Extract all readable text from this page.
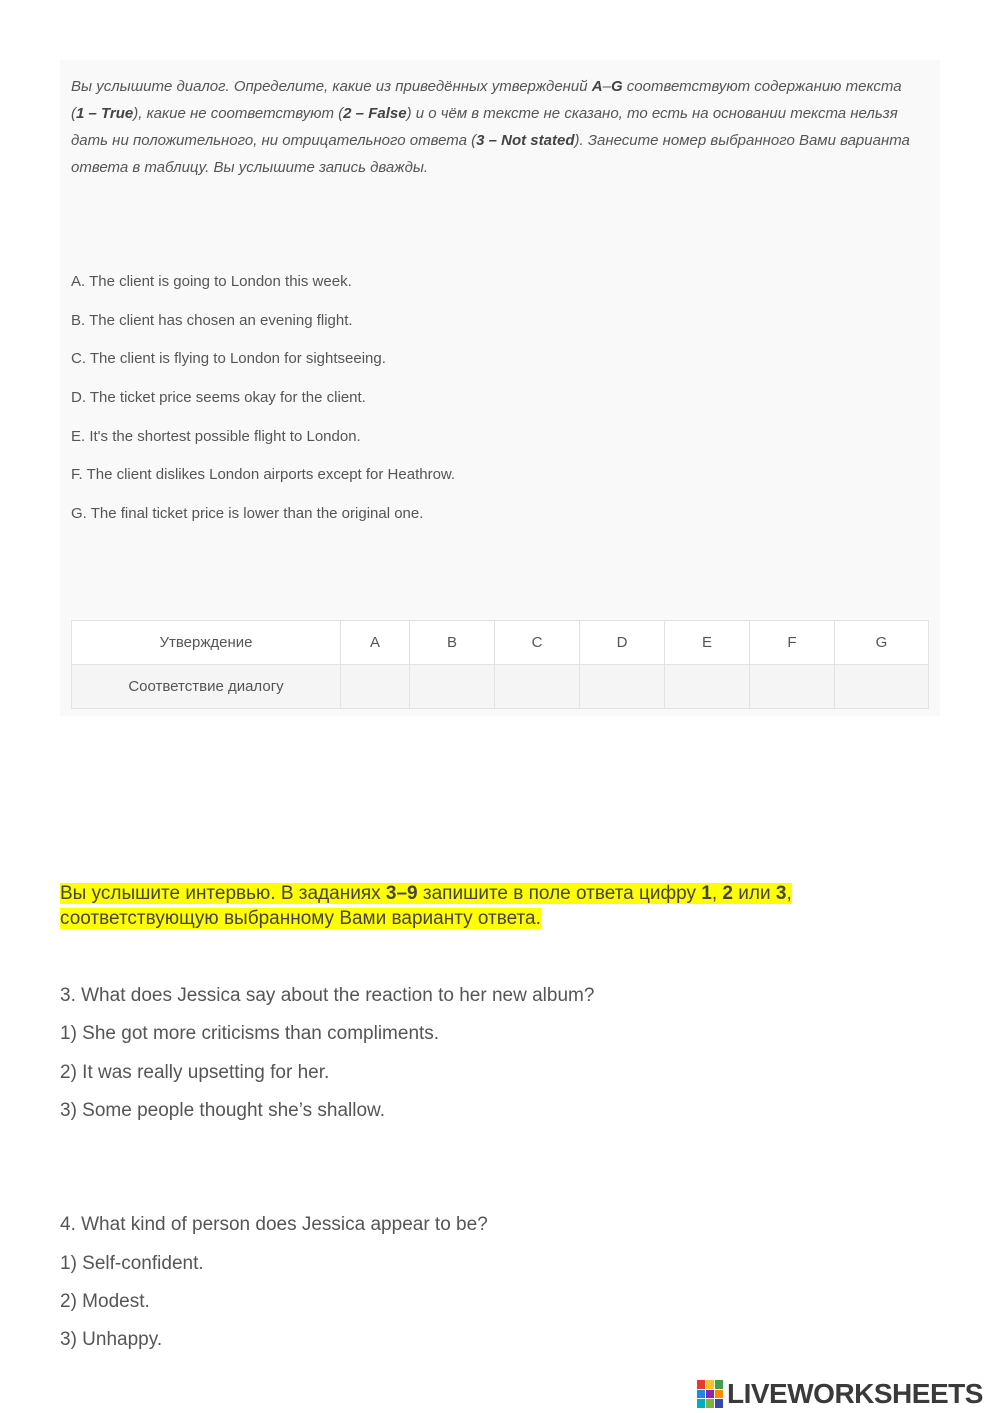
Вы услышите диалог. Определите, какие из приведённых утверждений A–G соответствуют содержанию текста (1 – True), какие не соответствуют (2 – False) и о чём в тексте не сказано, то есть на основании текста нельзя дать ни положительного, ни отрицательного ответа (3 – Not stated). Занесите номер выбранного Вами варианта ответа в таблицу. Вы услышите запись дважды.
A. The client is going to London this week.
B. The client has chosen an evening flight.
C. The client is flying to London for sightseeing.
D. The ticket price seems okay for the client.
E. It's the shortest possible flight to London.
F. The client dislikes London airports except for Heathrow.
G. The final ticket price is lower than the original one.
Утверждение	A	B	C	D	E	F	G
Соответствие диалогу							
Вы услышите интервью. В заданиях 3–9 запишите в поле ответа цифру 1, 2 или 3,
соответствующую выбранному Вами варианту ответа.
3. What does Jessica say about the reaction to her new album?
1) She got more criticisms than compliments.
2) It was really upsetting for her.
3) Some people thought she’s shallow.
4. What kind of person does Jessica appear to be?
1) Self-confident.
2) Modest.
3) Unhappy.
LIVEWORKSHEETS
